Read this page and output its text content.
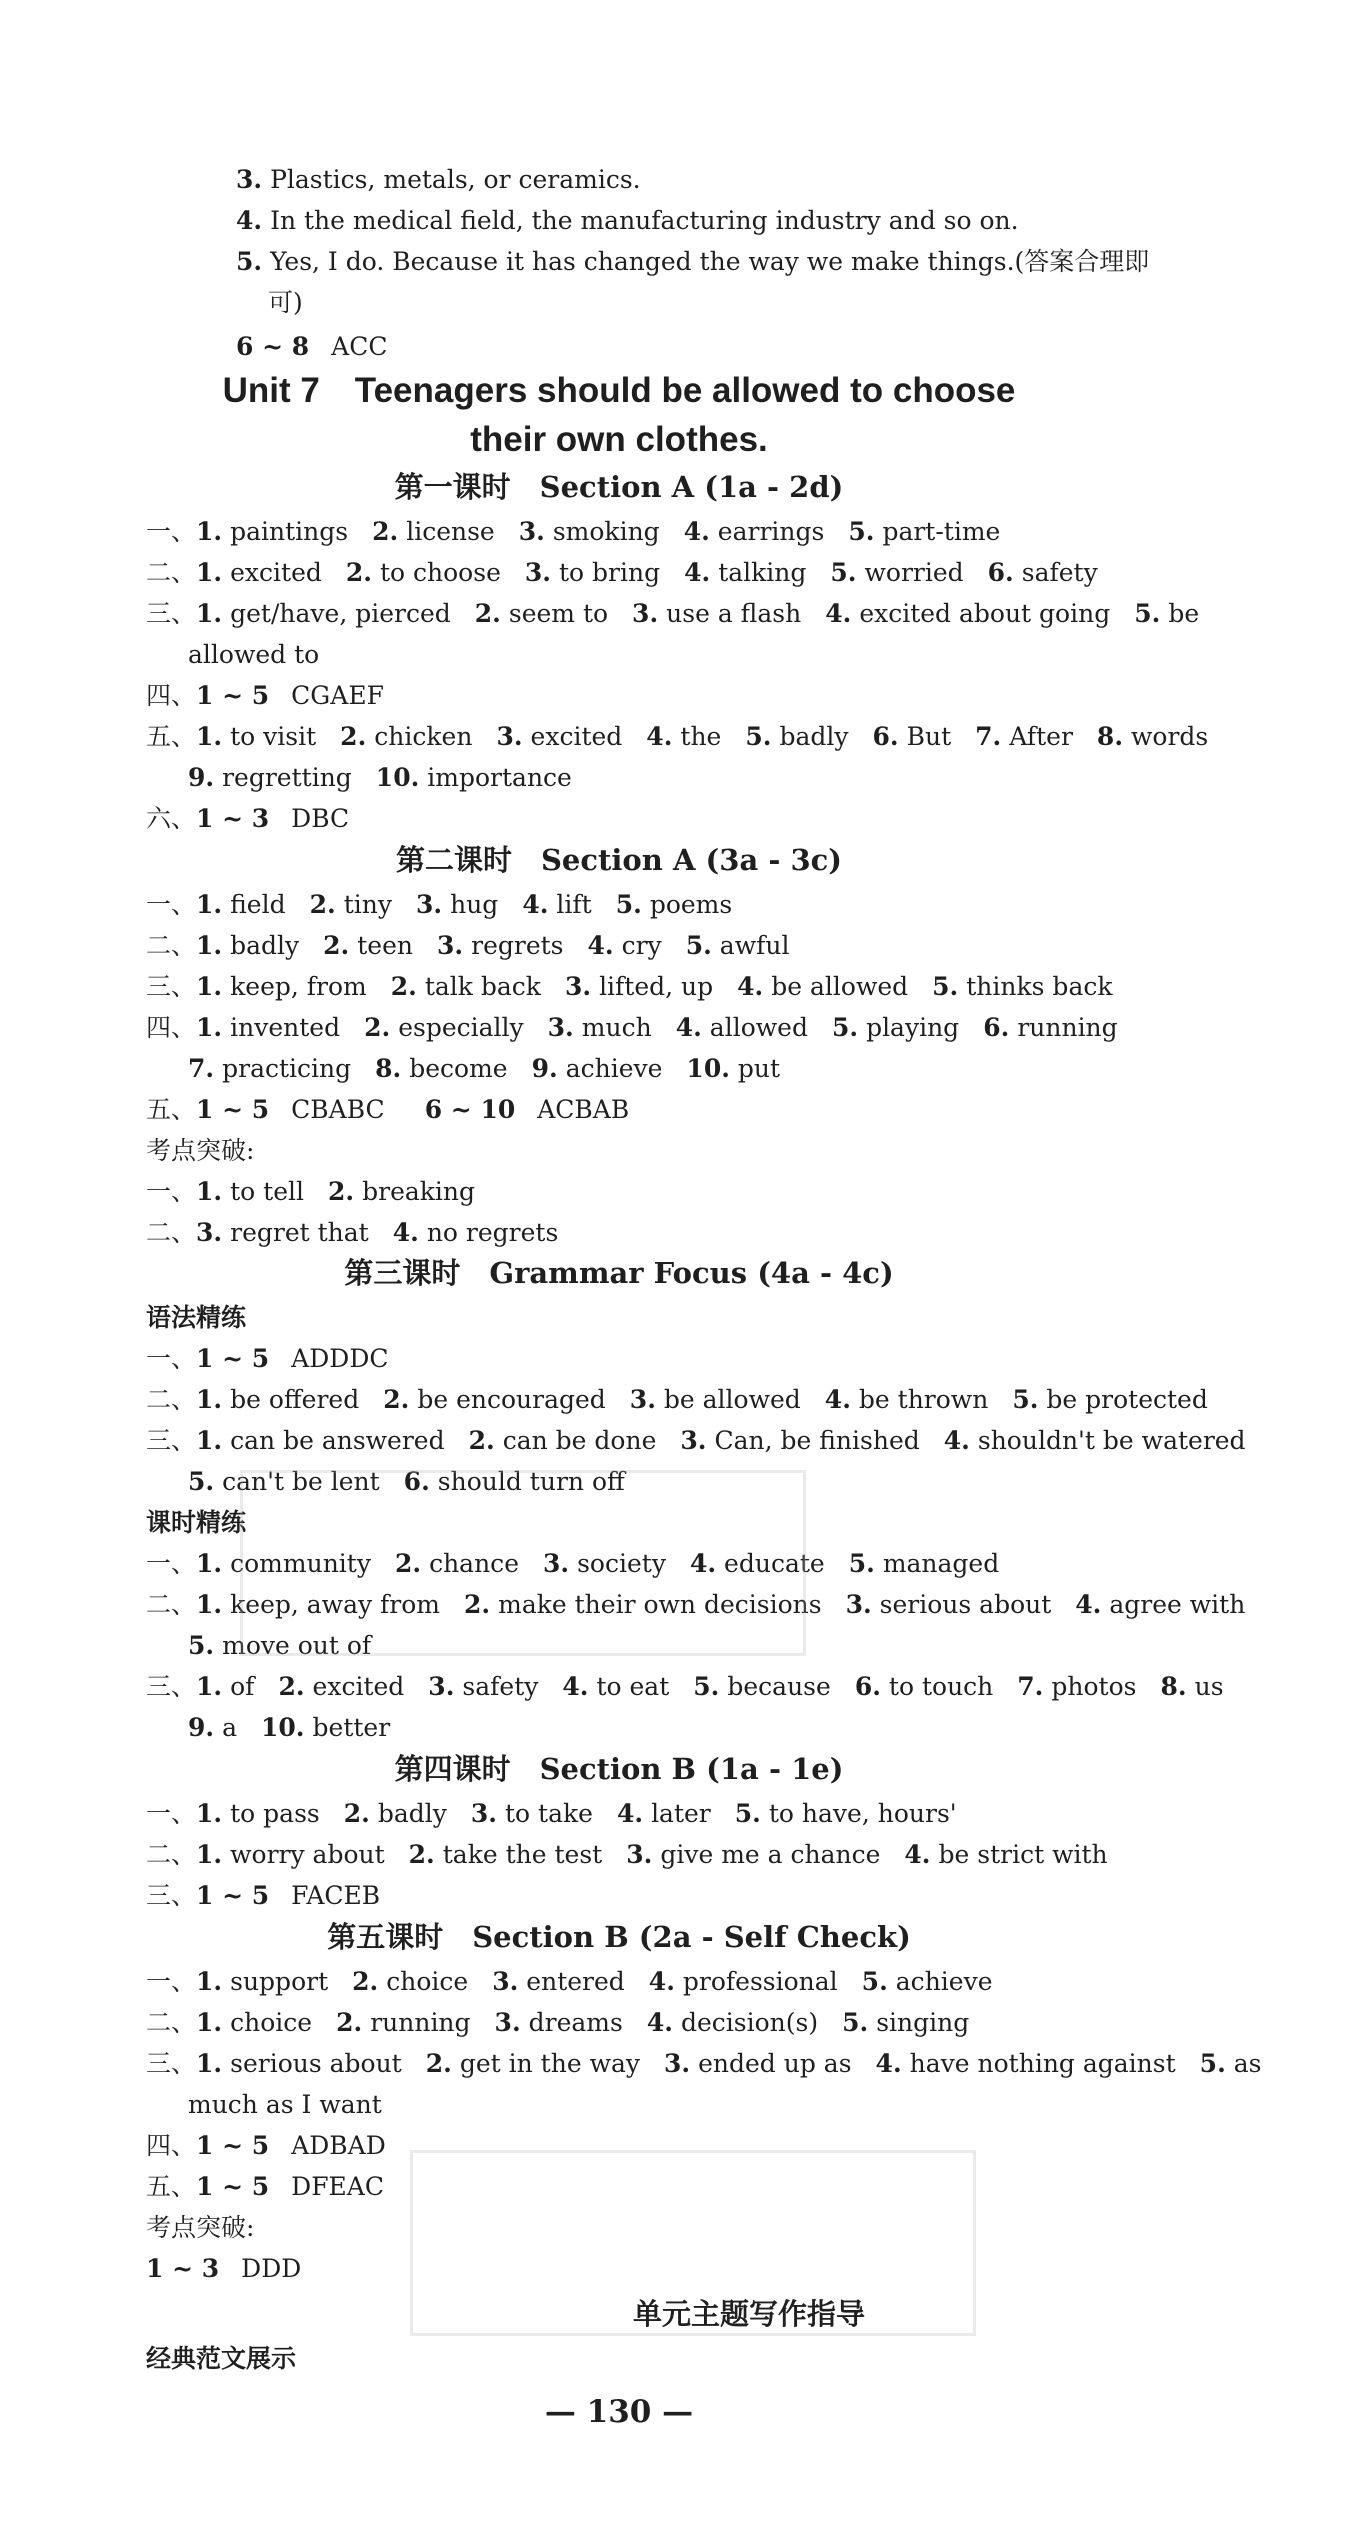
3. Plastics, metals, or ceramics.
4. In the medical field, the manufacturing industry and so on.
5. Yes, I do. Because it has changed the way we make things.(答案合理即
可)
6 ~ 8 ACC
Unit 7　Teenagers should be allowed to choose
their own clothes.
第一课时　Section A (1a - 2d)
一、1. paintings 2. license 3. smoking 4. earrings 5. part-time
二、1. excited 2. to choose 3. to bring 4. talking 5. worried 6. safety
三、1. get/have, pierced 2. seem to 3. use a flash 4. excited about going 5. be
allowed to
四、1 ~ 5 CGAEF
五、1. to visit 2. chicken 3. excited 4. the 5. badly 6. But 7. After 8. words
9. regretting 10. importance
六、1 ~ 3 DBC
第二课时　Section A (3a - 3c)
一、1. field 2. tiny 3. hug 4. lift 5. poems
二、1. badly 2. teen 3. regrets 4. cry 5. awful
三、1. keep, from 2. talk back 3. lifted, up 4. be allowed 5. thinks back
四、1. invented 2. especially 3. much 4. allowed 5. playing 6. running
7. practicing 8. become 9. achieve 10. put
五、1 ~ 5 CBABC 6 ~ 10 ACBAB
考点突破:
一、1. to tell 2. breaking
二、3. regret that 4. no regrets
第三课时　Grammar Focus (4a - 4c)
语法精练
一、1 ~ 5 ADDDC
二、1. be offered 2. be encouraged 3. be allowed 4. be thrown 5. be protected
三、1. can be answered 2. can be done 3. Can, be finished 4. shouldn't be watered
5. can't be lent 6. should turn off
课时精练
一、1. community 2. chance 3. society 4. educate 5. managed
二、1. keep, away from 2. make their own decisions 3. serious about 4. agree with
5. move out of
三、1. of 2. excited 3. safety 4. to eat 5. because 6. to touch 7. photos 8. us
9. a 10. better
第四课时　Section B (1a - 1e)
一、1. to pass 2. badly 3. to take 4. later 5. to have, hours'
二、1. worry about 2. take the test 3. give me a chance 4. be strict with
三、1 ~ 5 FACEB
第五课时　Section B (2a - Self Check)
一、1. support 2. choice 3. entered 4. professional 5. achieve
二、1. choice 2. running 3. dreams 4. decision(s) 5. singing
三、1. serious about 2. get in the way 3. ended up as 4. have nothing against 5. as
much as I want
四、1 ~ 5 ADBAD
五、1 ~ 5 DFEAC
考点突破:
1 ~ 3 DDD
单元主题写作指导
经典范文展示
— 130 —
